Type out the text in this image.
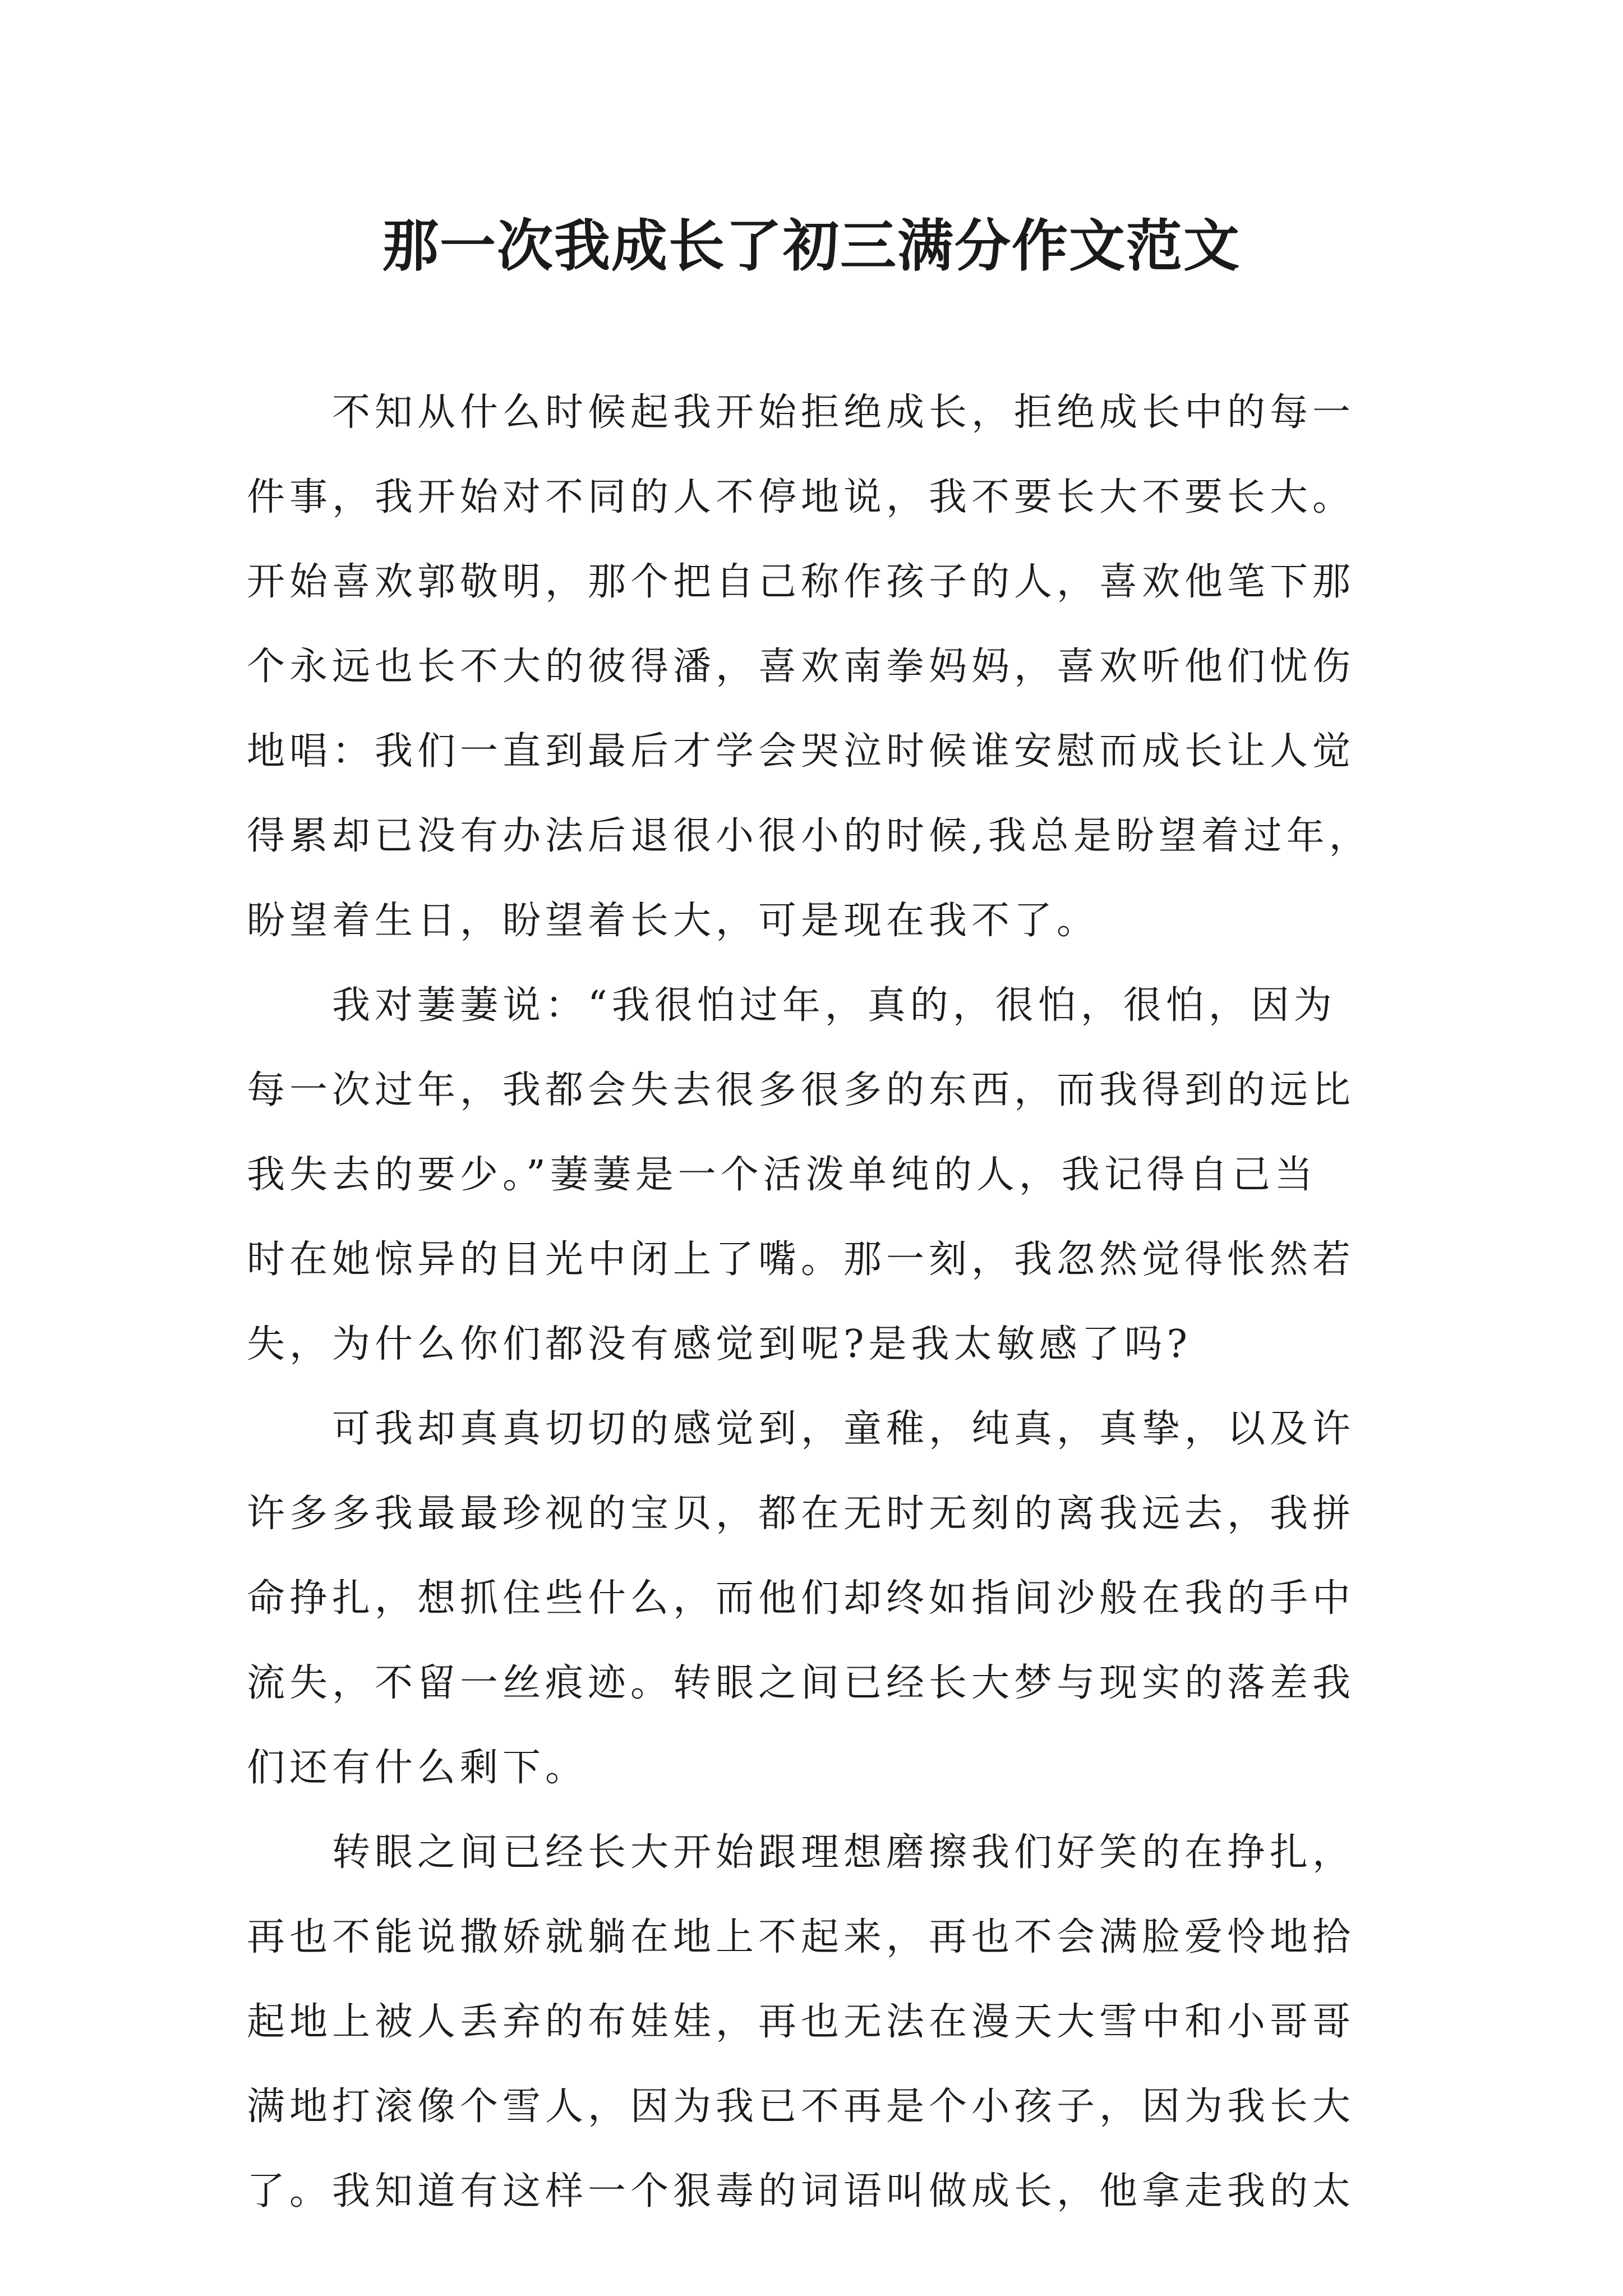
那一次我成长了初三满分作文范文

不知从什么时候起我开始拒绝成长，拒绝成长中的每一
件事，我开始对不同的人不停地说，我不要长大不要长大。
开始喜欢郭敬明，那个把自己称作孩子的人，喜欢他笔下那
个永远也长不大的彼得潘，喜欢南拳妈妈，喜欢听他们忧伤
地唱：我们一直到最后才学会哭泣时候谁安慰而成长让人觉
得累却已没有办法后退很小很小的时候,我总是盼望着过年，
盼望着生日，盼望着长大，可是现在我不了。

我对萋萋说：“我很怕过年，真的，很怕，很怕，因为
每一次过年，我都会失去很多很多的东西，而我得到的远比
我失去的要少。”萋萋是一个活泼单纯的人，我记得自己当
时在她惊异的目光中闭上了嘴。那一刻，我忽然觉得怅然若
失，为什么你们都没有感觉到呢?是我太敏感了吗?

可我却真真切切的感觉到，童稚，纯真，真挚，以及许
许多多我最最珍视的宝贝，都在无时无刻的离我远去，我拼
命挣扎，想抓住些什么，而他们却终如指间沙般在我的手中
流失，不留一丝痕迹。转眼之间已经长大梦与现实的落差我
们还有什么剩下。

转眼之间已经长大开始跟理想磨擦我们好笑的在挣扎，
再也不能说撒娇就躺在地上不起来，再也不会满脸爱怜地拾
起地上被人丢弃的布娃娃，再也无法在漫天大雪中和小哥哥
满地打滚像个雪人，因为我已不再是个小孩子，因为我长大
了。我知道有这样一个狠毒的词语叫做成长，他拿走我的太
